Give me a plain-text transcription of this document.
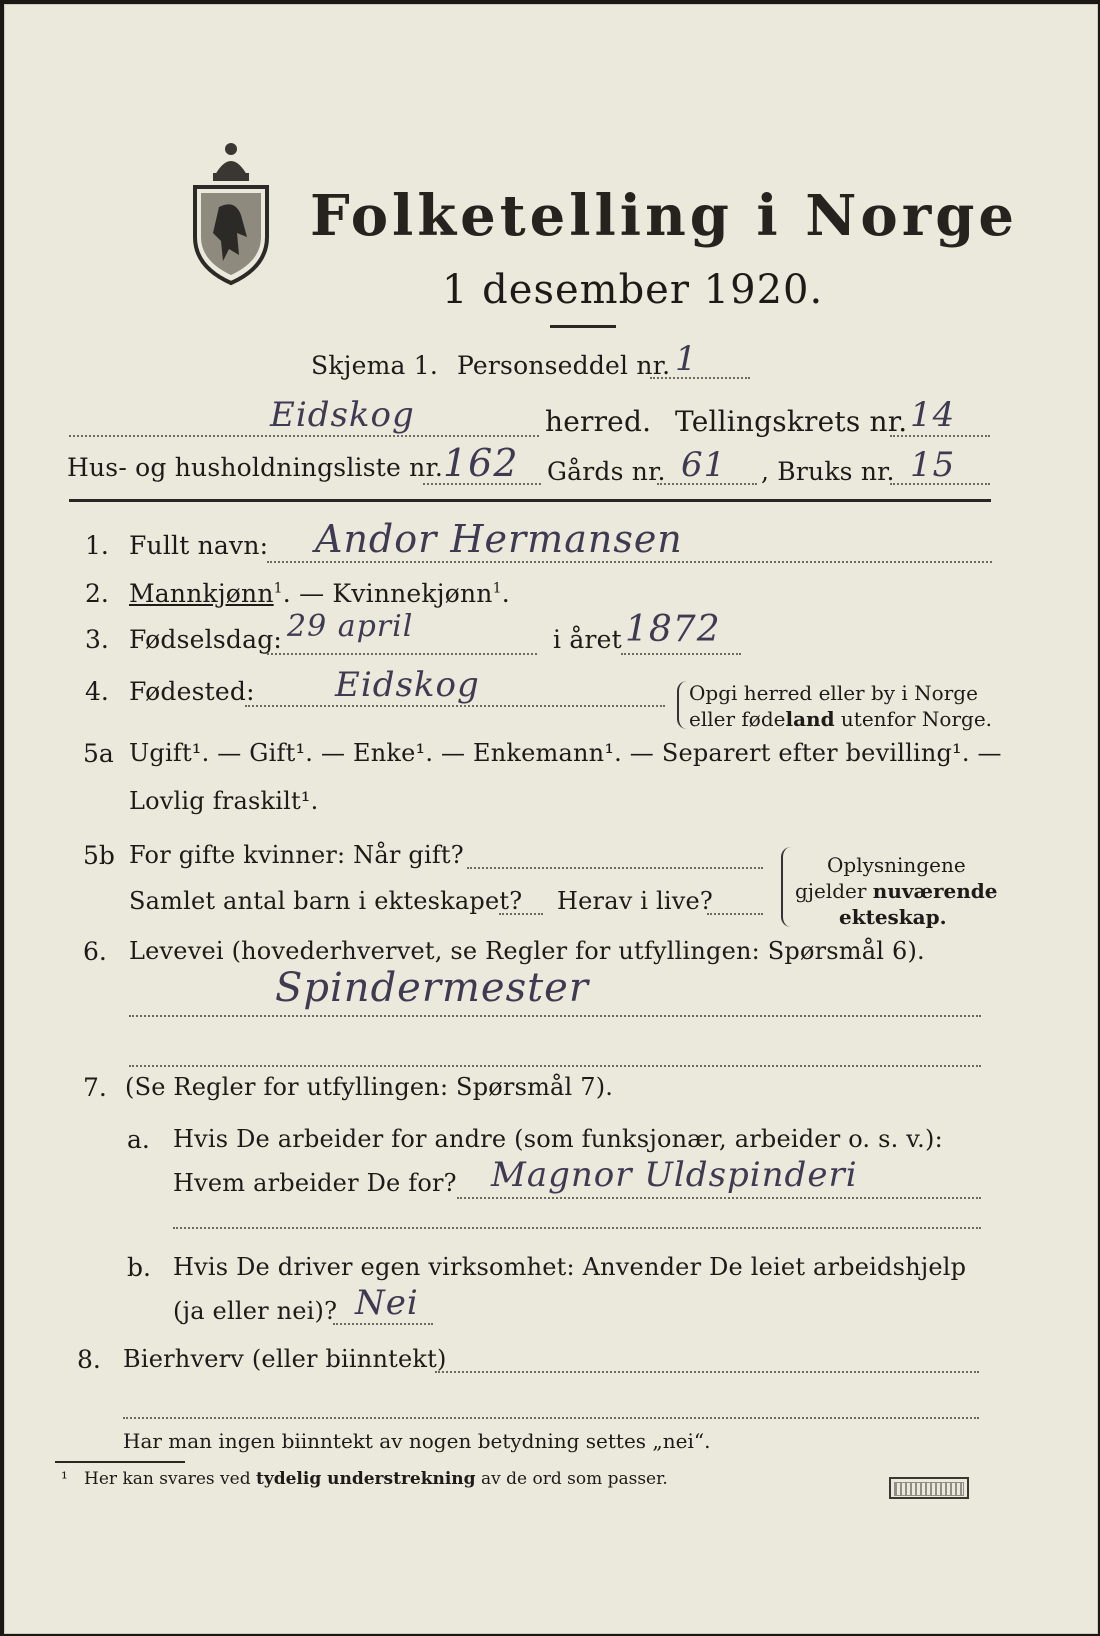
Folketelling i Norge
1 desember 1920.
Skjema 1. Personseddel nr. 1
Eidskog	herred. Tellingskrets nr. 14
Hus- og husholdningsliste nr. 162 Gårds nr. 61 , Bruks nr. 15
1. Fullt navn: Andor Hermansen
2. Mannkjønn$^1$. — Kvinnekjønn$^1$.
3. Fødselsdag: 29 april	i året 1872
4. Fødested: Eidskog	Opgi herred eller by i Norge
eller fødeland utenfor Norge.
5a Ugift¹. — Gift¹. — Enke¹. — Enkemann¹. — Separert efter bevilling¹. —
Lovlig fraskilt¹.
5b For gifte kvinner: Når gift?
Samlet antal barn i ekteskapet? Herav i live?
Oplysningene
gjelder nuværende
ekteskap.
6. Levevei (hovederhvervet, se Regler for utfyllingen: Spørsmål 6).
Spindermester
7. (Se Regler for utfyllingen: Spørsmål 7).
a. Hvis De arbeider for andre (som funksjonær, arbeider o. s. v.):
Hvem arbeider De for? Magnor Uldspinderi
b. Hvis De driver egen virksomhet: Anvender De leiet arbeidshjelp
(ja eller nei)? Nei
8. Bierhverv (eller biinntekt)
Har man ingen biinntekt av nogen betydning settes „nei“.
¹ Her kan svares ved tydelig understrekning av de ord som passer.
